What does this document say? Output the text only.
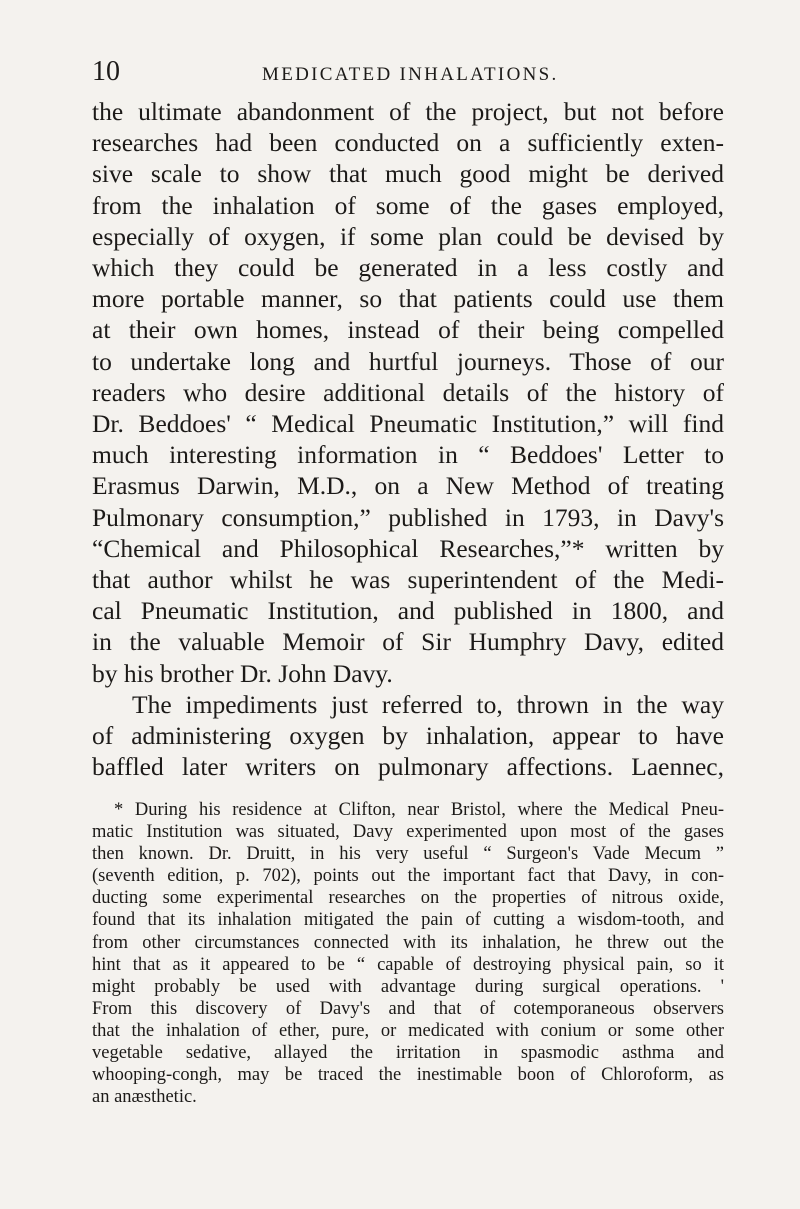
10	MEDICATED INHALATIONS.
the ultimate abandonment of the project, but not before
researches had been conducted on a sufficiently exten-
sive scale to show that much good might be derived
from the inhalation of some of the gases employed,
especially of oxygen, if some plan could be devised by
which they could be generated in a less costly and
more portable manner, so that patients could use them
at their own homes, instead of their being compelled
to undertake long and hurtful journeys. Those of our
readers who desire additional details of the history of
Dr. Beddoes' “ Medical Pneumatic Institution,” will find
much interesting information in “ Beddoes' Letter to
Erasmus Darwin, M.D., on a New Method of treating
Pulmonary consumption,” published in 1793, in Davy's
“Chemical and Philosophical Researches,”* written by
that author whilst he was superintendent of the Medi-
cal Pneumatic Institution, and published in 1800, and
in the valuable Memoir of Sir Humphry Davy, edited
by his brother Dr. John Davy.
The impediments just referred to, thrown in the way
of administering oxygen by inhalation, appear to have
baffled later writers on pulmonary affections. Laennec,
* During his residence at Clifton, near Bristol, where the Medical Pneu-
matic Institution was situated, Davy experimented upon most of the gases
then known. Dr. Druitt, in his very useful “ Surgeon's Vade Mecum ”
(seventh edition, p. 702), points out the important fact that Davy, in con-
ducting some experimental researches on the properties of nitrous oxide,
found that its inhalation mitigated the pain of cutting a wisdom-tooth, and
from other circumstances connected with its inhalation, he threw out the
hint that as it appeared to be “ capable of destroying physical pain, so it
might probably be used with advantage during surgical operations. '
From this discovery of Davy's and that of cotemporaneous observers
that the inhalation of ether, pure, or medicated with conium or some other
vegetable sedative, allayed the irritation in spasmodic asthma and
whooping-congh, may be traced the inestimable boon of Chloroform, as
an anæsthetic.
